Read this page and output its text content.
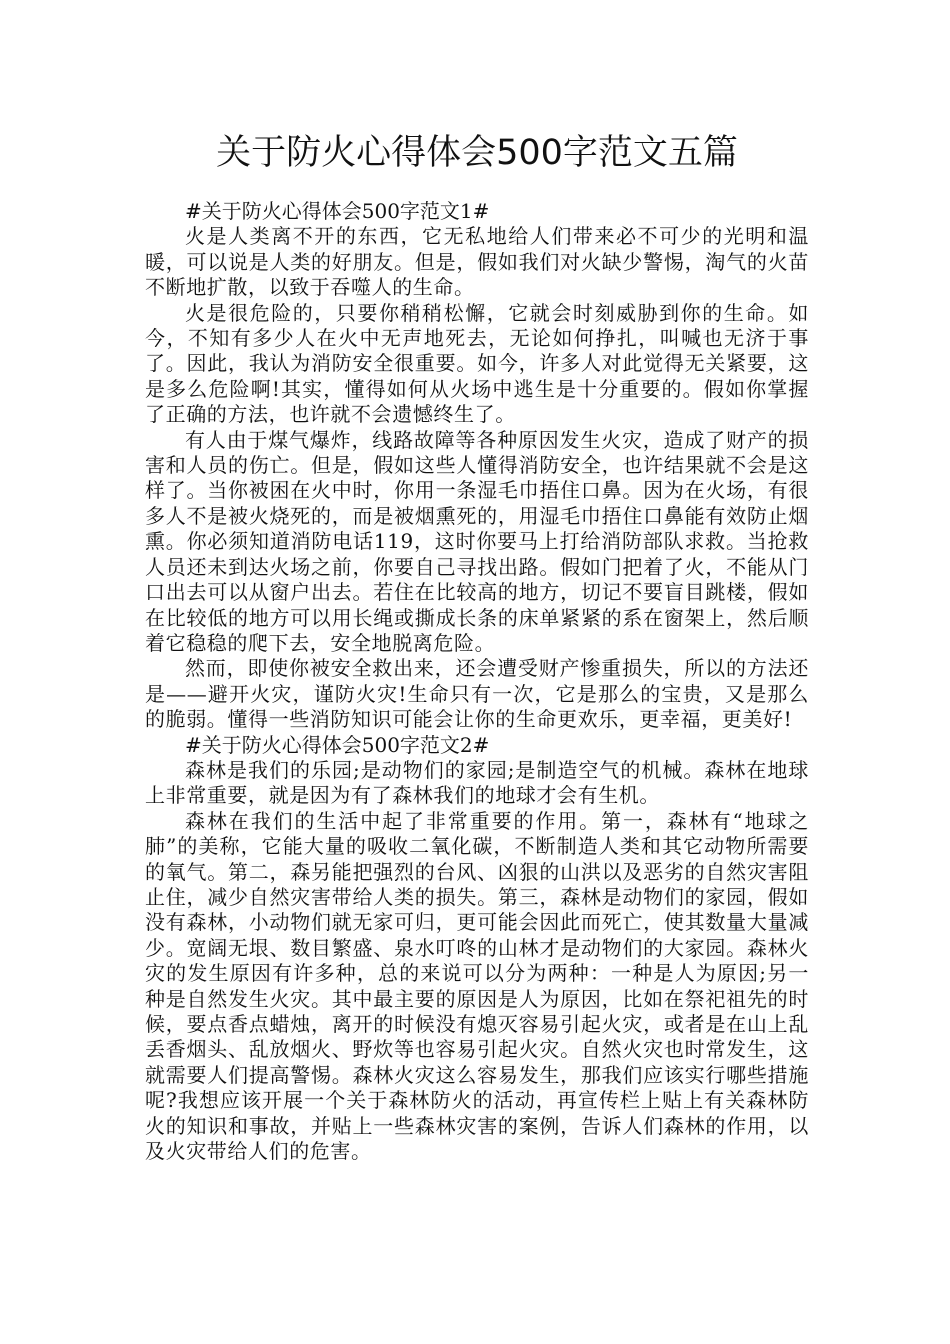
关于防火心得体会500字范文五篇

#关于防火心得体会500字范文1#

火是人类离不开的东西，它无私地给人们带来必不可少的光明和温暖，可以说是人类的好朋友。但是，假如我们对火缺少警惕，淘气的火苗不断地扩散，以致于吞噬人的生命。

火是很危险的，只要你稍稍松懈，它就会时刻威胁到你的生命。如今，不知有多少人在火中无声地死去，无论如何挣扎，叫喊也无济于事了。因此，我认为消防安全很重要。如今，许多人对此觉得无关紧要，这是多么危险啊!其实，懂得如何从火场中逃生是十分重要的。假如你掌握了正确的方法，也许就不会遗憾终生了。

有人由于煤气爆炸，线路故障等各种原因发生火灾，造成了财产的损害和人员的伤亡。但是，假如这些人懂得消防安全，也许结果就不会是这样了。当你被困在火中时，你用一条湿毛巾捂住口鼻。因为在火场，有很多人不是被火烧死的，而是被烟熏死的，用湿毛巾捂住口鼻能有效防止烟熏。你必须知道消防电话119，这时你要马上打给消防部队求救。当抢救人员还未到达火场之前，你要自己寻找出路。假如门把着了火，不能从门口出去可以从窗户出去。若住在比较高的地方，切记不要盲目跳楼，假如在比较低的地方可以用长绳或撕成长条的床单紧紧的系在窗架上，然后顺着它稳稳的爬下去，安全地脱离危险。

然而，即使你被安全救出来，还会遭受财产惨重损失，所以的方法还是——避开火灾，谨防火灾!生命只有一次，它是那么的宝贵，又是那么的脆弱。懂得一些消防知识可能会让你的生命更欢乐，更幸福，更美好!

#关于防火心得体会500字范文2#

森林是我们的乐园;是动物们的家园;是制造空气的机械。森林在地球上非常重要，就是因为有了森林我们的地球才会有生机。

森林在我们的生活中起了非常重要的作用。第一，森林有“地球之肺”的美称，它能大量的吸收二氧化碳，不断制造人类和其它动物所需要的氧气。第二，森另能把强烈的台风、凶狠的山洪以及恶劣的自然灾害阻止住，减少自然灾害带给人类的损失。第三，森林是动物们的家园，假如没有森林，小动物们就无家可归，更可能会因此而死亡，使其数量大量减少。宽阔无垠、数目繁盛、泉水叮咚的山林才是动物们的大家园。森林火灾的发生原因有许多种，总的来说可以分为两种：一种是人为原因;另一种是自然发生火灾。其中最主要的原因是人为原因，比如在祭祀祖先的时候，要点香点蜡烛，离开的时候没有熄灭容易引起火灾，或者是在山上乱丢香烟头、乱放烟火、野炊等也容易引起火灾。自然火灾也时常发生，这就需要人们提高警惕。森林火灾这么容易发生，那我们应该实行哪些措施呢?我想应该开展一个关于森林防火的活动，再宣传栏上贴上有关森林防火的知识和事故，并贴上一些森林灾害的案例，告诉人们森林的作用，以及火灾带给人们的危害。
